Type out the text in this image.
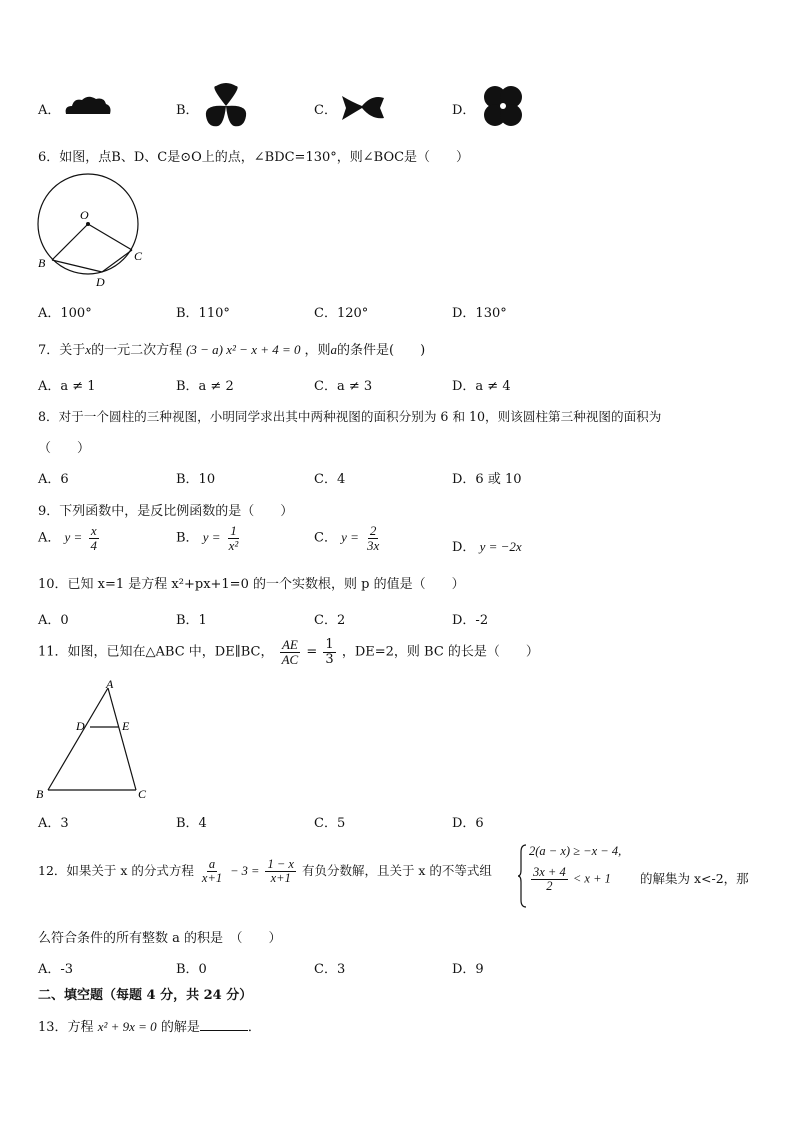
A．	B．	C．	D．
6．如图，点B、D、C是⊙O上的点，∠BDC=130°，则∠BOC是（　　）
O
B	C
D
A．100°	B．110°	C．120°	D．130°
7．关于x的一元二次方程 (3 − a) x² − x + 4 = 0 ，则a的条件是(　　)
A．a ≠ 1	B．a ≠ 2	C．a ≠ 3	D．a ≠ 4
8．对于一个圆柱的三种视图，小明同学求出其中两种视图的面积分别为 6 和 10，则该圆柱第三种视图的面积为
（　　）
A．6	B．10	C．4	D．6 或 10
9．下列函数中，是反比例函数的是（　　）
A． $y = \frac{x}{4}$	B． $y = \frac{1}{\text{x²}}$	C． $y = \frac{2}{3x}$	D． y = −2x
10．已知 x=1 是方程 x²+px+1=0 的一个实数根，则 p 的值是（　　）
A．0	B．1	C．2	D．-2
11．如图，已知在△ABC 中，DE∥BC， $\frac{AE}{AC} = \frac{1}{3}$ ，DE=2，则 BC 的长是（　　）
A
B	C
D	E
A．3	B．4	C．5	D．6
12．如果关于 x 的分式方程 $\frac{a}{x+1} - 3 = \frac{1 - x}{x+1}$ 有负分数解，且关于 x 的不等式组
2(a − x) ≥ −x − 4,
$\frac{3x + 4}{2} < x + 1$ 的解集为 x<-2，那
么符合条件的所有整数 a 的积是　（　　）
A．-3	B．0	C．3	D．9
二、填空题（每题 4 分，共 24 分）
13．方程 x² + 9x = 0 的解是	．
